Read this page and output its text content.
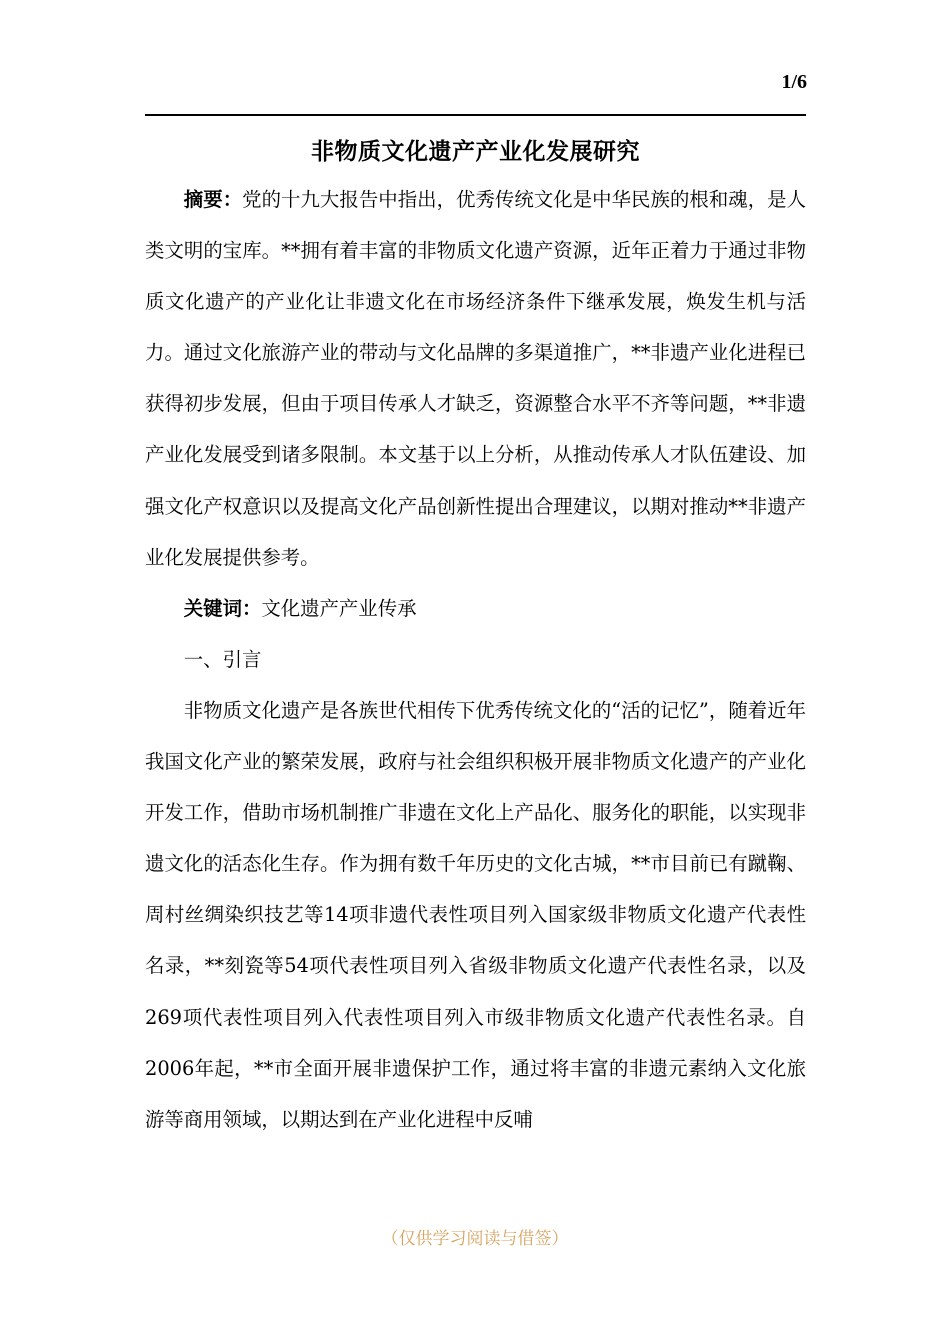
1/6
非物质文化遗产产业化发展研究

摘要：党的十九大报告中指出，优秀传统文化是中华民族的根和魂，是人类文明的宝库。**拥有着丰富的非物质文化遗产资源，近年正着力于通过非物质文化遗产的产业化让非遗文化在市场经济条件下继承发展，焕发生机与活力。通过文化旅游产业的带动与文化品牌的多渠道推广，**非遗产业化进程已获得初步发展，但由于项目传承人才缺乏，资源整合水平不齐等问题，**非遗产业化发展受到诸多限制。本文基于以上分析，从推动传承人才队伍建设、加强文化产权意识以及提高文化产品创新性提出合理建议，以期对推动**非遗产业化发展提供参考。

关键词：文化遗产产业传承

一、引言

非物质文化遗产是各族世代相传下优秀传统文化的“活的记忆”，随着近年我国文化产业的繁荣发展，政府与社会组织积极开展非物质文化遗产的产业化开发工作，借助市场机制推广非遗在文化上产品化、服务化的职能，以实现非遗文化的活态化生存。作为拥有数千年历史的文化古城，**市目前已有蹴鞠、周村丝绸染织技艺等14项非遗代表性项目列入国家级非物质文化遗产代表性名录，**刻瓷等54项代表性项目列入省级非物质文化遗产代表性名录，以及269项代表性项目列入代表性项目列入市级非物质文化遗产代表性名录。自2006年起，**市全面开展非遗保护工作，通过将丰富的非遗元素纳入文化旅游等商用领域，以期达到在产业化进程中反哺

（仅供学习阅读与借签）
